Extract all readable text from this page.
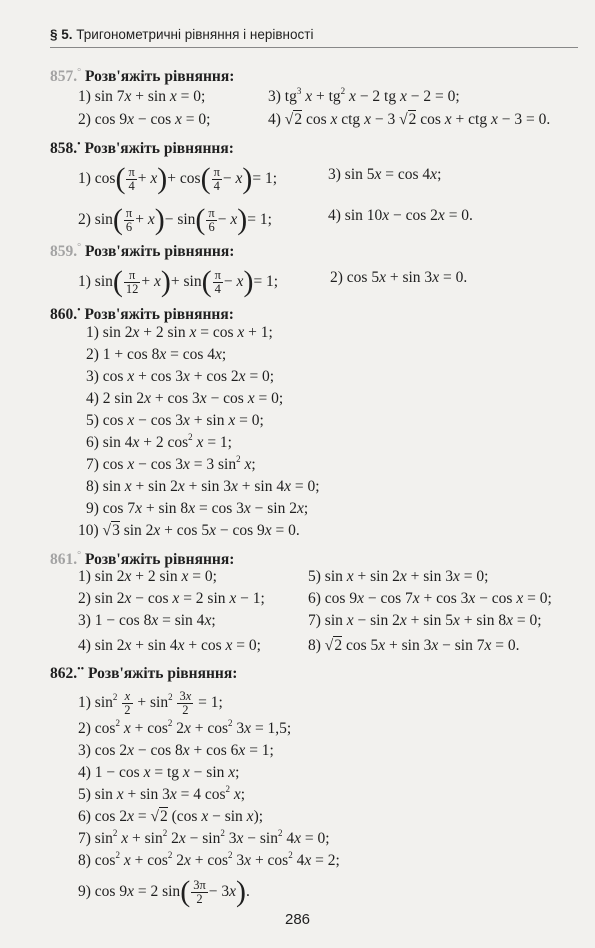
§ 5. Тригонометричні рівняння і нерівності
857.° Розв'яжіть рівняння:
1) sin 7x + sin x = 0;	3) $tg^3$ $x + tg^2$ x − 2 tg x − 2 = 0;
2) cos 9x − cos x = 0;	4) √2 cos x ctg x − 3 √2 cos x + ctg x − 3 = 0.
858.• Розв'яжіть рівняння:
1) $\cos( \frac{\pi}{4} + x)+ \cos( \frac{\pi}{4} - x)= 1$;	3) sin 5x = cos 4x;
2) $\sin( \frac{\pi}{6} + x)- \sin( \frac{\pi}{6} - x)= 1$;	4) sin 10x − cos 2x = 0.
859.° Розв'яжіть рівняння:
1) $\sin( \frac{\pi}{12} + x)+ \sin( \frac{\pi}{4} - x)= 1$;	2) cos 5x + sin 3x = 0.
860.• Розв'яжіть рівняння:
1) sin 2x + 2 sin x = cos x + 1;
2) 1 + cos 8x = cos 4x;
3) cos x + cos 3x + cos 2x = 0;
4) 2 sin 2x + cos 3x − cos x = 0;
5) cos x − cos 3x + sin x = 0;
6) sin 4x + 2 $\cos^2 x = 1$;
7) cos x − cos 3x = 3 $\sin^2 x$;
8) sin x + sin 2x + sin 3x + sin 4x = 0;
9) cos 7x + sin 8x = cos 3x − sin 2x;
10) √3 sin 2x + cos 5x − cos 9x = 0.
861.° Розв'яжіть рівняння:
1) sin 2x + 2 sin x = 0;	5) sin x + sin 2x + sin 3x = 0;
2) sin 2x − cos x = 2 sin x − 1;	6) cos 9x − cos 7x + cos 3x − cos x = 0;
3) 1 − cos 8x = sin 4x;	7) sin x − sin 2x + sin 5x + sin 8x = 0;
4) sin 2x + sin 4x + cos x = 0;	8) √2 cos 5x + sin 3x − sin 7x = 0.
862.•• Розв'яжіть рівняння:
1) $\sin^2 \frac{x}{2} + \sin^2 \frac{3x}{2} = 1$;
2) $\cos^2 x + \cos^2 2x + \cos^2 3x = 1,5$;
3) cos 2x − cos 8x + cos 6x = 1;
4) 1 − cos x = tg x − sin x;
5) sin x + sin 3x = 4 $\cos^2 x$;
6) cos 2x = √2 (cos x − sin x);
7) $\sin^2 x + \sin^2 2x - \sin^2 3x - \sin^2 4x = 0$;
8) $\cos^2 x + \cos^2 2x + \cos^2 3x + \cos^2 4x = 2$;
9) cos 9x = 2 $\sin( \frac{3\pi}{2} - 3x)$.
286
